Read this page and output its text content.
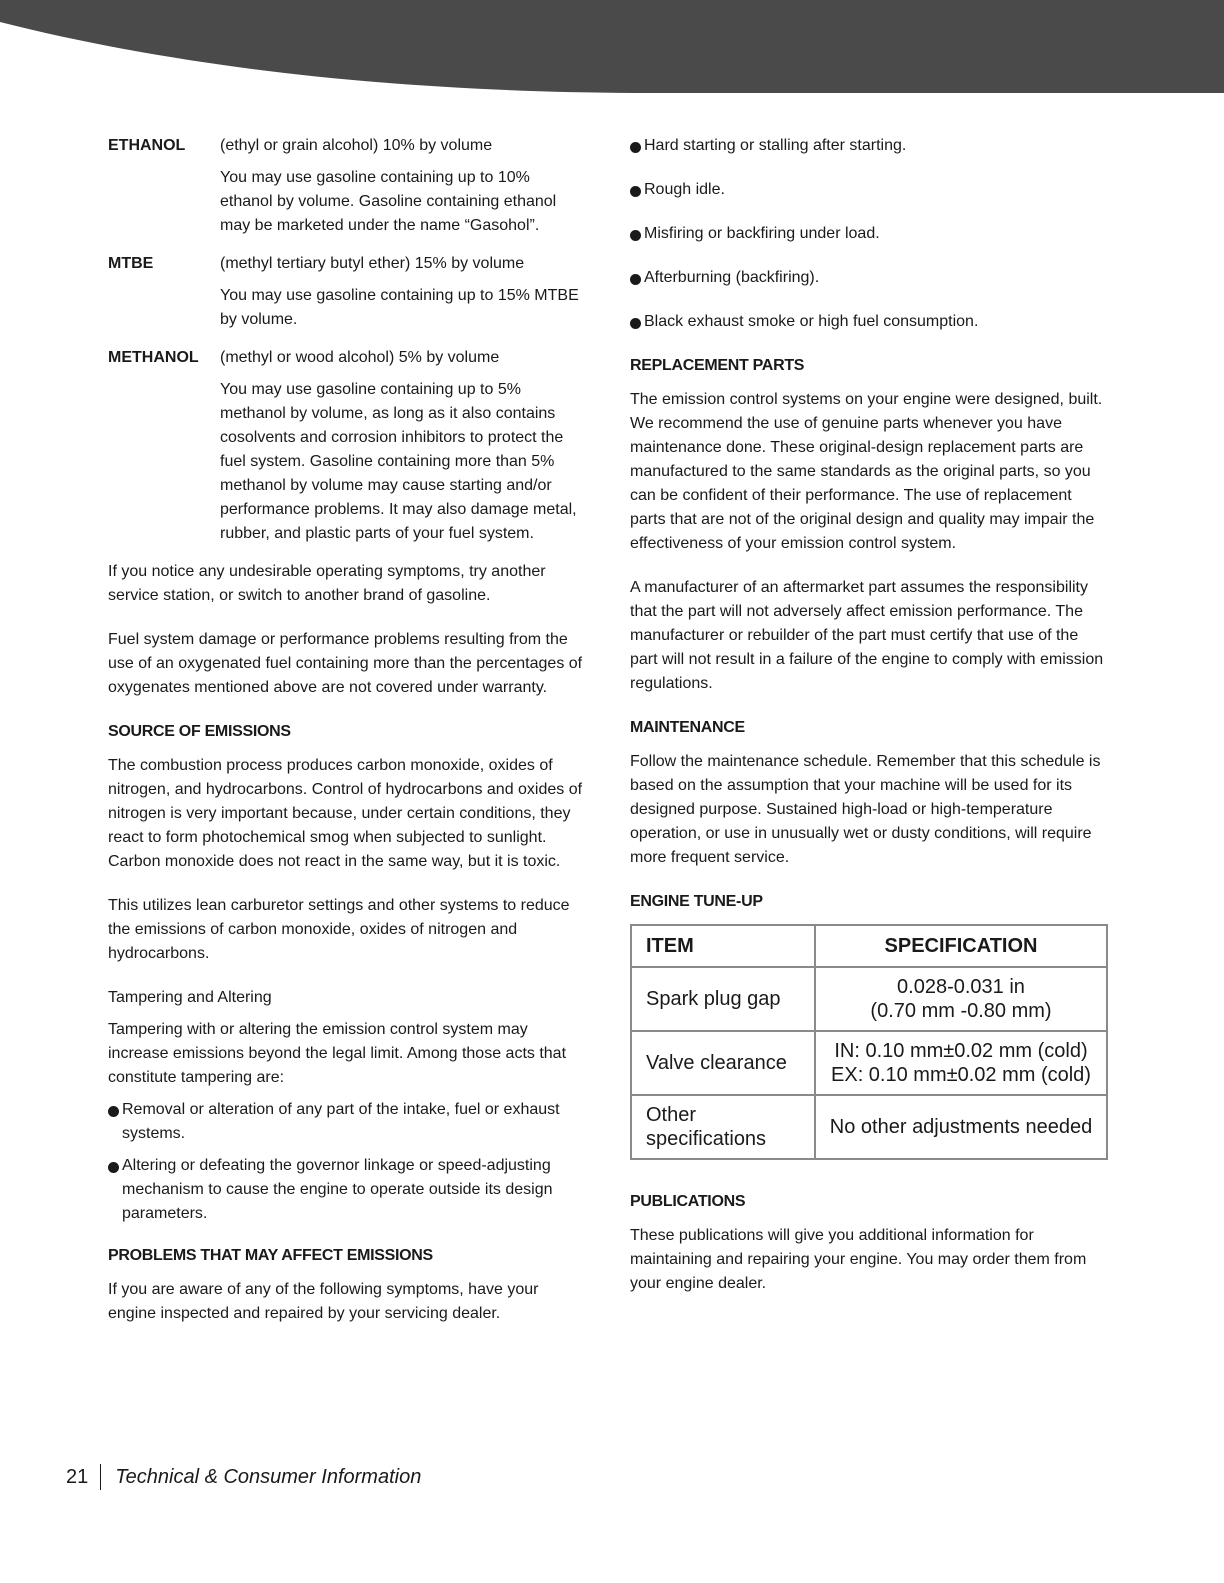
ETHANOL	(ethyl or grain alcohol) 10% by volume

You may use gasoline containing up to 10% ethanol by volume. Gasoline containing ethanol may be marketed under the name “Gasohol”.

MTBE	(methyl tertiary butyl ether) 15% by volume

You may use gasoline containing up to 15% MTBE by volume.

METHANOL	(methyl or wood alcohol) 5% by volume

You may use gasoline containing up to 5% methanol by volume, as long as it also contains cosolvents and corrosion inhibitors to protect the fuel system. Gasoline containing more than 5% methanol by volume may cause starting and/or performance problems. It may also damage metal, rubber, and plastic parts of your fuel system.

If you notice any undesirable operating symptoms, try another service station, or switch to another brand of gasoline.

Fuel system damage or performance problems resulting from the use of an oxygenated fuel containing more than the percentages of oxygenates mentioned above are not covered under warranty.

SOURCE OF EMISSIONS

The combustion process produces carbon monoxide, oxides of nitrogen, and hydrocarbons. Control of hydrocarbons and oxides of nitrogen is very important because, under certain conditions, they react to form photochemical smog when subjected to sunlight. Carbon monoxide does not react in the same way, but it is toxic.

This utilizes lean carburetor settings and other systems to reduce the emissions of carbon monoxide, oxides of nitrogen and hydrocarbons.

Tampering and Altering

Tampering with or altering the emission control system may increase emissions beyond the legal limit. Among those acts that constitute tampering are:

Removal or alteration of any part of the intake, fuel or exhaust systems.
Altering or defeating the governor linkage or speed-adjusting mechanism to cause the engine to operate outside its design parameters.
PROBLEMS THAT MAY AFFECT EMISSIONS

If you are aware of any of the following symptoms, have your engine inspected and repaired by your servicing dealer.

Hard starting or stalling after starting.
Rough idle.
Misfiring or backfiring under load.
Afterburning (backfiring).
Black exhaust smoke or high fuel consumption.
REPLACEMENT PARTS

The emission control systems on your engine were designed, built. We recommend the use of genuine parts whenever you have maintenance done. These original-design replacement parts are manufactured to the same standards as the original parts, so you can be confident of their performance. The use of replacement parts that are not of the original design and quality may impair the effectiveness of your emission control system.

A manufacturer of an aftermarket part assumes the responsibility that the part will not adversely affect emission performance. The manufacturer or rebuilder of the part must certify that use of the part will not result in a failure of the engine to comply with emission regulations.

MAINTENANCE

Follow the maintenance schedule. Remember that this schedule is based on the assumption that your machine will be used for its designed purpose. Sustained high-load or high-temperature operation, or use in unusually wet or dusty conditions, will require more frequent service.

ENGINE TUNE-UP
ITEM	SPECIFICATION
Spark plug gap	0.028-0.031 in
(0.70 mm -0.80 mm)

Valve clearance	IN: 0.10 mm±0.02 mm (cold)
EX: 0.10 mm±0.02 mm (cold)

Other specifications	No other adjustments needed
PUBLICATIONS

These publications will give you additional information for maintaining and repairing your engine. You may order them from your engine dealer.

21 Technical & Consumer Information
